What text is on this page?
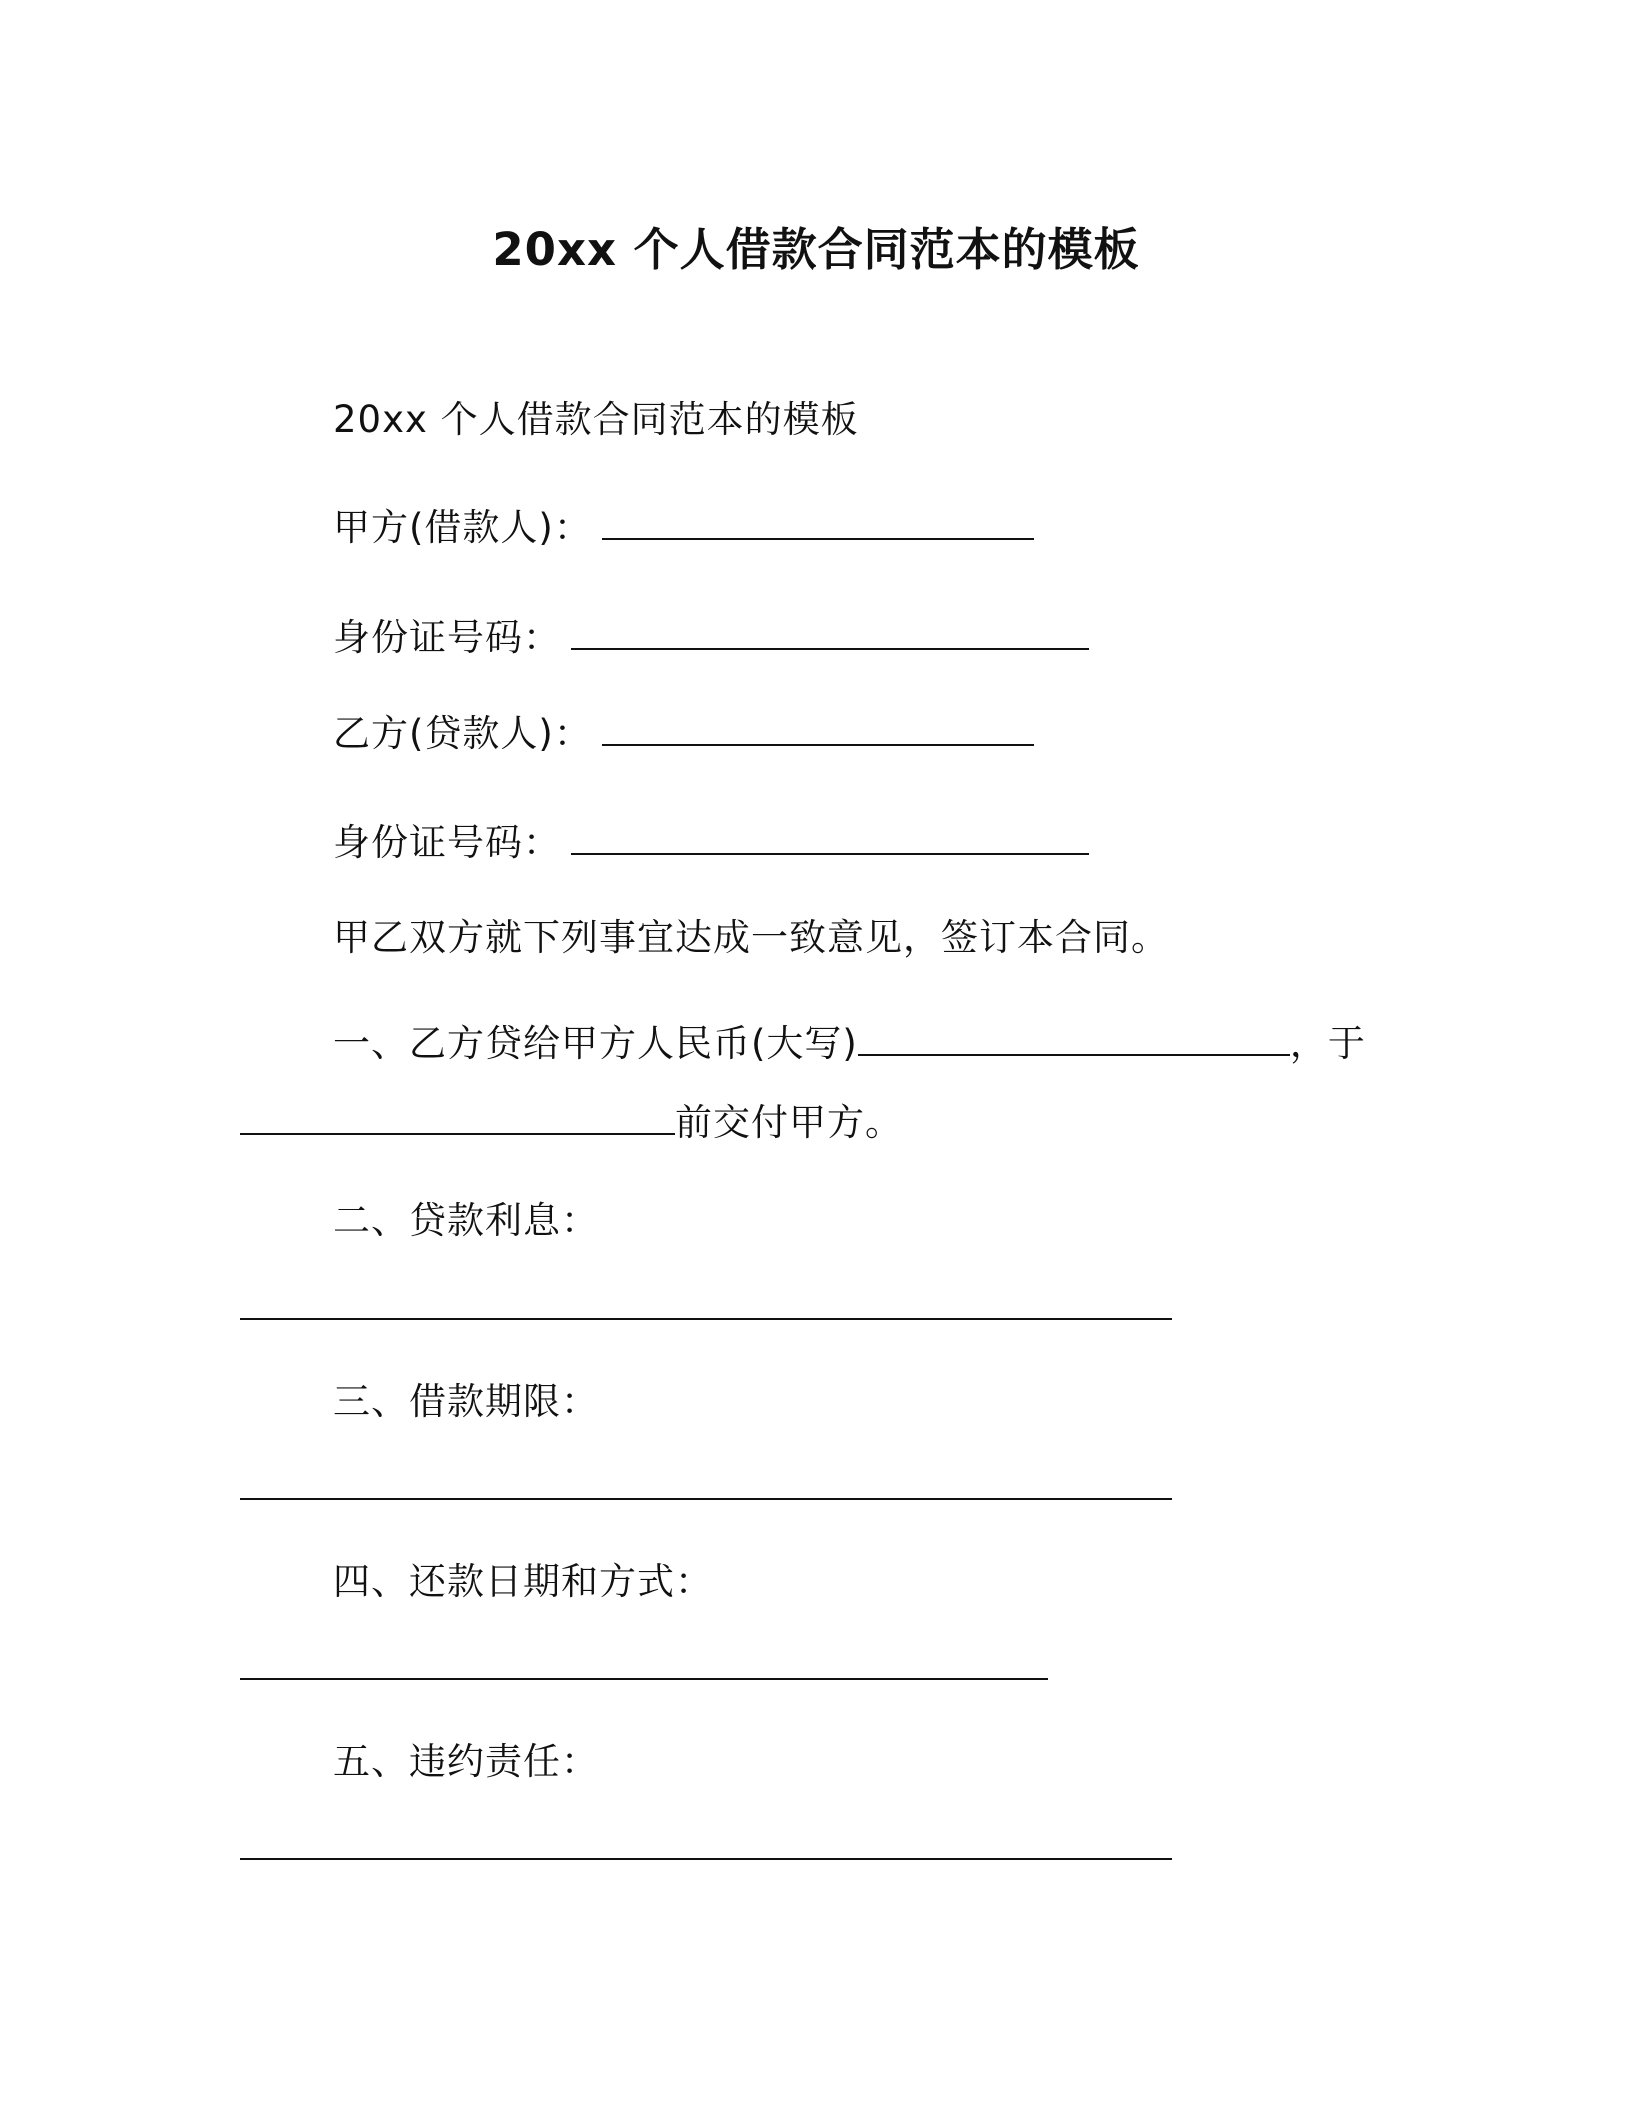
20xx 个人借款合同范本的模板
20xx 个人借款合同范本的模板
甲方(借款人)：
身份证号码：
乙方(贷款人)：
身份证号码：
甲乙双方就下列事宜达成一致意见，签订本合同。
一、乙方贷给甲方人民币(大写)	，于
前交付甲方。
二、贷款利息：
三、借款期限：
四、还款日期和方式：
五、违约责任：
